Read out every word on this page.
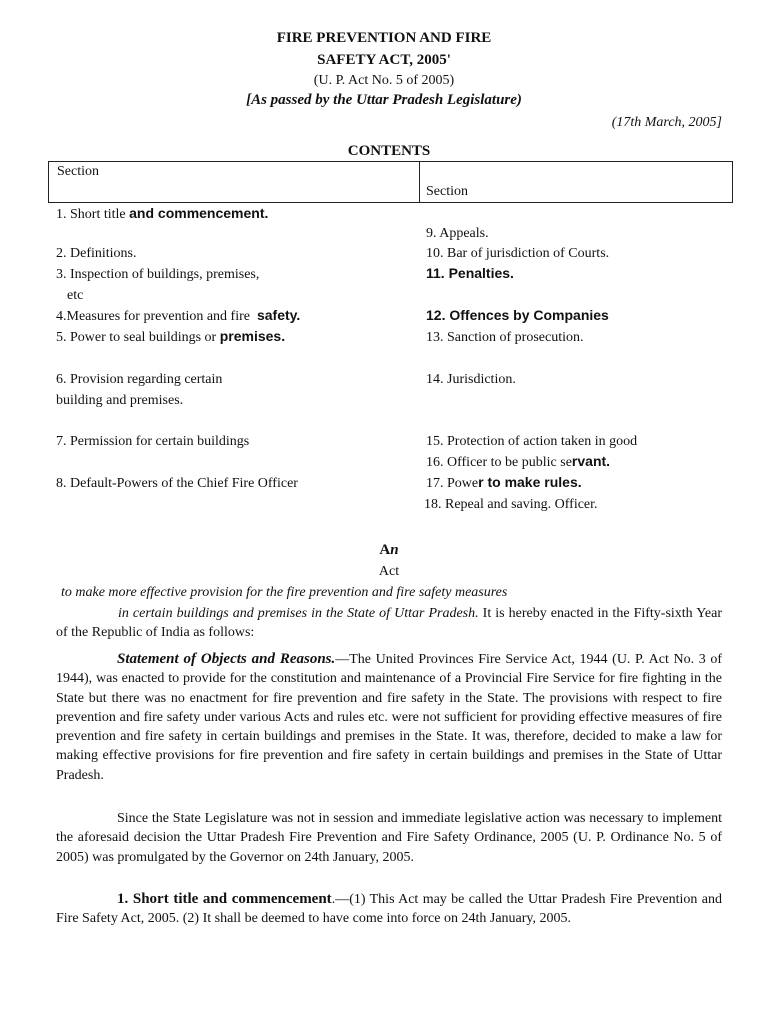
FIRE PREVENTION AND FIRE
SAFETY ACT, 2005'
(U. P. Act No. 5 of 2005)
[As passed by the Uttar Pradesh Legislature)
(17th March, 2005]
CONTENTS
Section
Section
1. Short title and commencement.
2. Definitions.
3. Inspection of buildings, premises,
etc
4.Measures for prevention and fire  safety.
5. Power to seal buildings or premises.
6. Provision regarding certain
building and premises.
7. Permission for certain buildings
8. Default-Powers of the Chief Fire Officer
9. Appeals.
10. Bar of jurisdiction of Courts.
11. Penalties.
12. Offences by Companies
13. Sanction of prosecution.
14. Jurisdiction.
15. Protection of action taken in good
16. Officer to be public servant.
17. Power to make rules.
18. Repeal and saving. Officer.
An
Act
to make more effective provision for the fire prevention and fire safety measures
in certain buildings and premises in the State of Uttar Pradesh. It is hereby enacted in the Fifty-sixth Year of the Republic of India as follows:
Statement of Objects and Reasons.—The United Provinces Fire Service Act, 1944 (U. P. Act No. 3 of 1944), was enacted to provide for the constitution and maintenance of a Provincial Fire Service for fire fighting in the State but there was no enactment for fire prevention and fire safety in the State. The provisions with respect to fire prevention and fire safety under various Acts and rules etc. were not sufficient for providing effective measures of fire prevention and fire safety in certain buildings and premises in the State. It was, therefore, decided to make a law for making effective provisions for fire prevention and fire safety in certain buildings and premises in the State of Uttar Pradesh.
Since the State Legislature was not in session and immediate legislative action was necessary to implement the aforesaid decision the Uttar Pradesh Fire Prevention and Fire Safety Ordinance, 2005 (U. P. Ordinance No. 5 of 2005) was promulgated by the Governor on 24th January, 2005.
1. Short title and commencement.—(1) This Act may be called the Uttar Pradesh Fire Prevention and Fire Safety Act, 2005. (2) It shall be deemed to have come into force on 24th January, 2005.
